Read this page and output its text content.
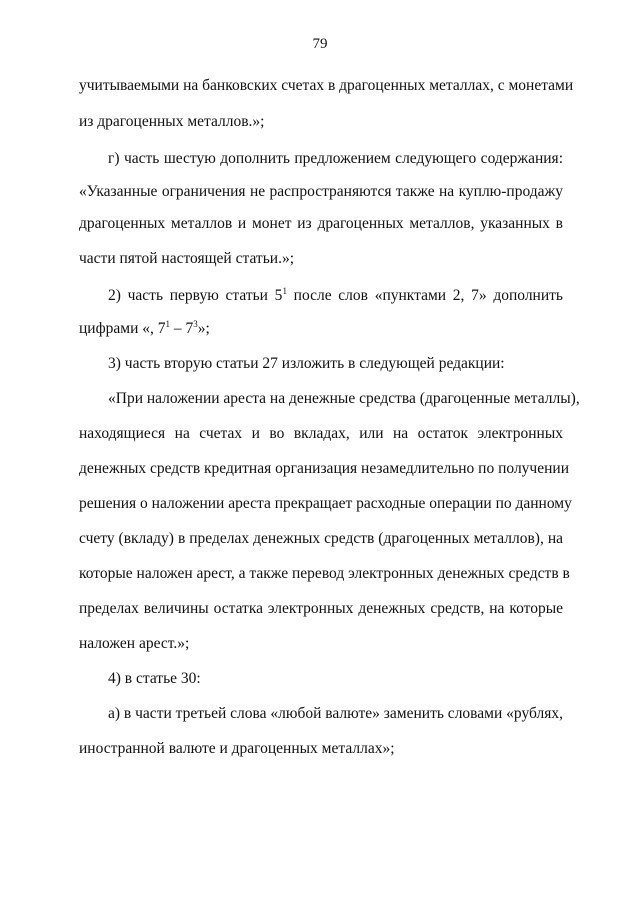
79
учитываемыми на банковских счетах в драгоценных металлах, с монетами
из драгоценных металлов.»;
г) часть шестую дополнить предложением следующего содержания:
«Указанные ограничения не распространяются также на куплю-продажу
драгоценных металлов и монет из драгоценных металлов, указанных в
части пятой настоящей статьи.»;
2) часть первую статьи $5^1$ после слов «пунктами 2, 7» дополнить
цифрами «, $7^1 - 7^3$»;
3) часть вторую статьи 27 изложить в следующей редакции:
«При наложении ареста на денежные средства (драгоценные металлы),
находящиеся на счетах и во вкладах, или на остаток электронных
денежных средств кредитная организация незамедлительно по получении
решения о наложении ареста прекращает расходные операции по данному
счету (вкладу) в пределах денежных средств (драгоценных металлов), на
которые наложен арест, а также перевод электронных денежных средств в
пределах величины остатка электронных денежных средств, на которые
наложен арест.»;
4) в статье 30:
а) в части третьей слова «любой валюте» заменить словами «рублях,
иностранной валюте и драгоценных металлах»;
